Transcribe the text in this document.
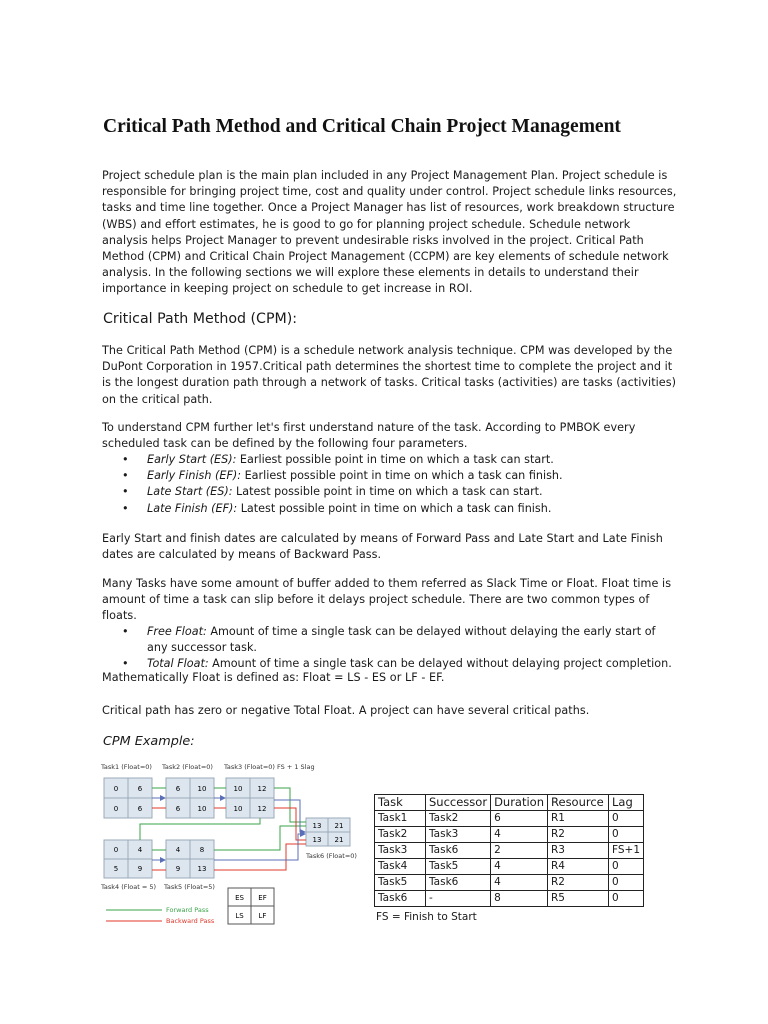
Critical Path Method and Critical Chain Project Management
Project schedule plan is the main plan included in any Project Management Plan. Project schedule is
responsible for bringing project time, cost and quality under control. Project schedule links resources,
tasks and time line together. Once a Project Manager has list of resources, work breakdown structure
(WBS) and effort estimates, he is good to go for planning project schedule. Schedule network
analysis helps Project Manager to prevent undesirable risks involved in the project. Critical Path
Method (CPM) and Critical Chain Project Management (CCPM) are key elements of schedule network
analysis. In the following sections we will explore these elements in details to understand their
importance in keeping project on schedule to get increase in ROI.
Critical Path Method (CPM):
The Critical Path Method (CPM) is a schedule network analysis technique. CPM was developed by the
DuPont Corporation in 1957.Critical path determines the shortest time to complete the project and it
is the longest duration path through a network of tasks. Critical tasks (activities) are tasks (activities)
on the critical path.
To understand CPM further let's first understand nature of the task. According to PMBOK every
scheduled task can be defined by the following four parameters.
• Early Start (ES): Earliest possible point in time on which a task can start.
• Early Finish (EF): Earliest possible point in time on which a task can finish.
• Late Start (ES): Latest possible point in time on which a task can start.
• Late Finish (EF): Latest possible point in time on which a task can finish.
Early Start and finish dates are calculated by means of Forward Pass and Late Start and Late Finish
dates are calculated by means of Backward Pass.
Many Tasks have some amount of buffer added to them referred as Slack Time or Float. Float time is
amount of time a task can slip before it delays project schedule. There are two common types of
floats.
• Free Float: Amount of time a single task can be delayed without delaying the early start of
any successor task.
• Total Float: Amount of time a single task can be delayed without delaying project completion.
Mathematically Float is defined as: Float = LS - ES or LF - EF.
Critical path has zero or negative Total Float. A project can have several critical paths.
CPM Example:
Task1 (Float=0) Task2 (Float=0) Task3 (Float=0) FS + 1 Slag
0	6
0	6
6 10
6 10
10 12
10 12
13 21
13 21
Task6 (Float=0)
0	4
5	9
4	8
9 13
Task4 (Float = 5) Task5 (Float=5)
Forward Pass
Backward Pass
ES EF
LS LF
Task	Successor	Duration	Resource	Lag
Task1	Task2	6	R1	0
Task2	Task3	4	R2	0
Task3	Task6	2	R3	FS+1
Task4	Task5	4	R4	0
Task5	Task6	4	R2	0
Task6	-	8	R5	0
FS = Finish to Start
